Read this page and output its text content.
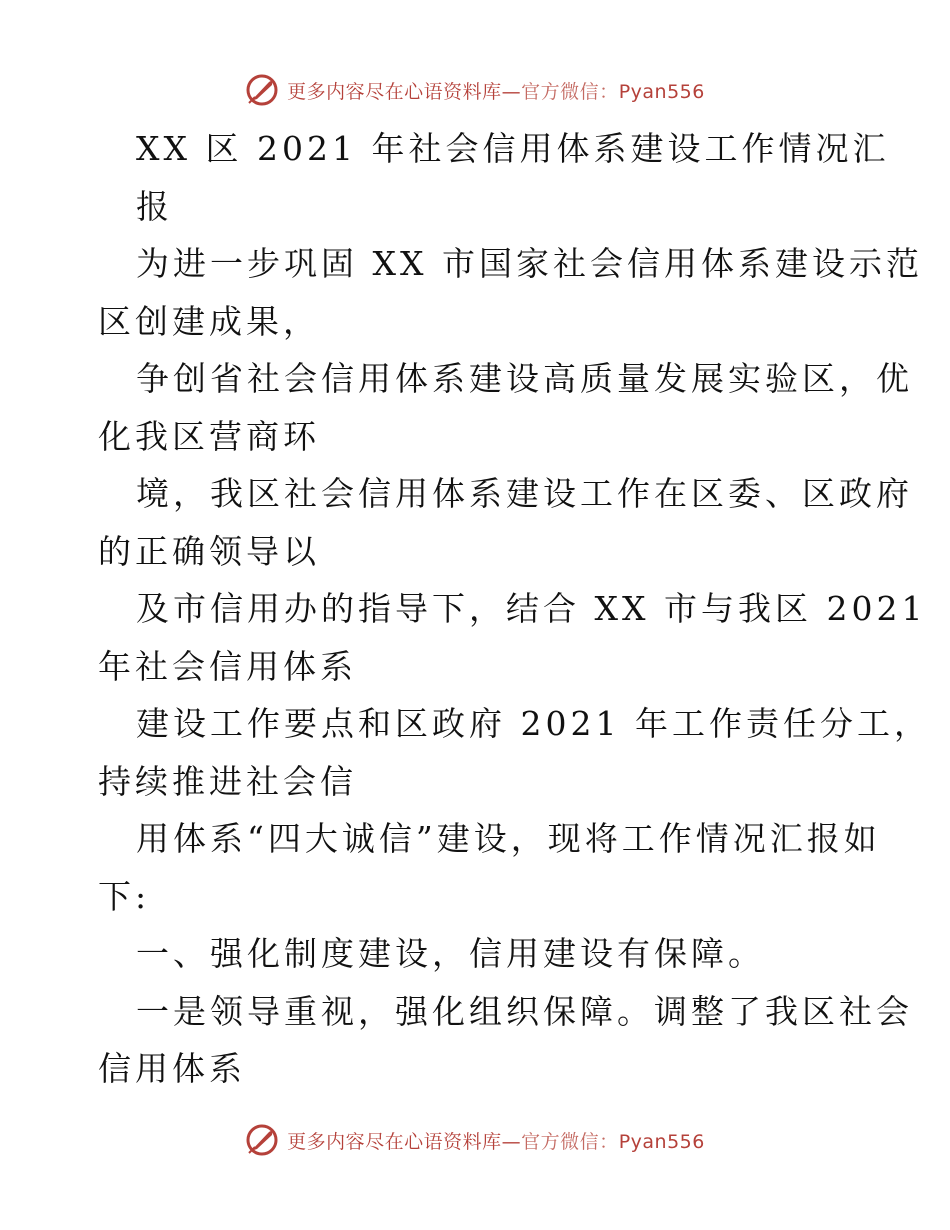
更多内容尽在心语资料库—官方微信：Pyan556
XX 区 2021 年社会信用体系建设工作情况汇
报
为进一步巩固 XX 市国家社会信用体系建设示范
区创建成果，
争创省社会信用体系建设高质量发展实验区，优
化我区营商环
境，我区社会信用体系建设工作在区委、区政府
的正确领导以
及市信用办的指导下，结合 XX 市与我区 2021
年社会信用体系
建设工作要点和区政府 2021 年工作责任分工，
持续推进社会信
用体系“四大诚信”建设，现将工作情况汇报如
下:
一、强化制度建设，信用建设有保障。
一是领导重视，强化组织保障。调整了我区社会
信用体系
更多内容尽在心语资料库—官方微信：Pyan556
